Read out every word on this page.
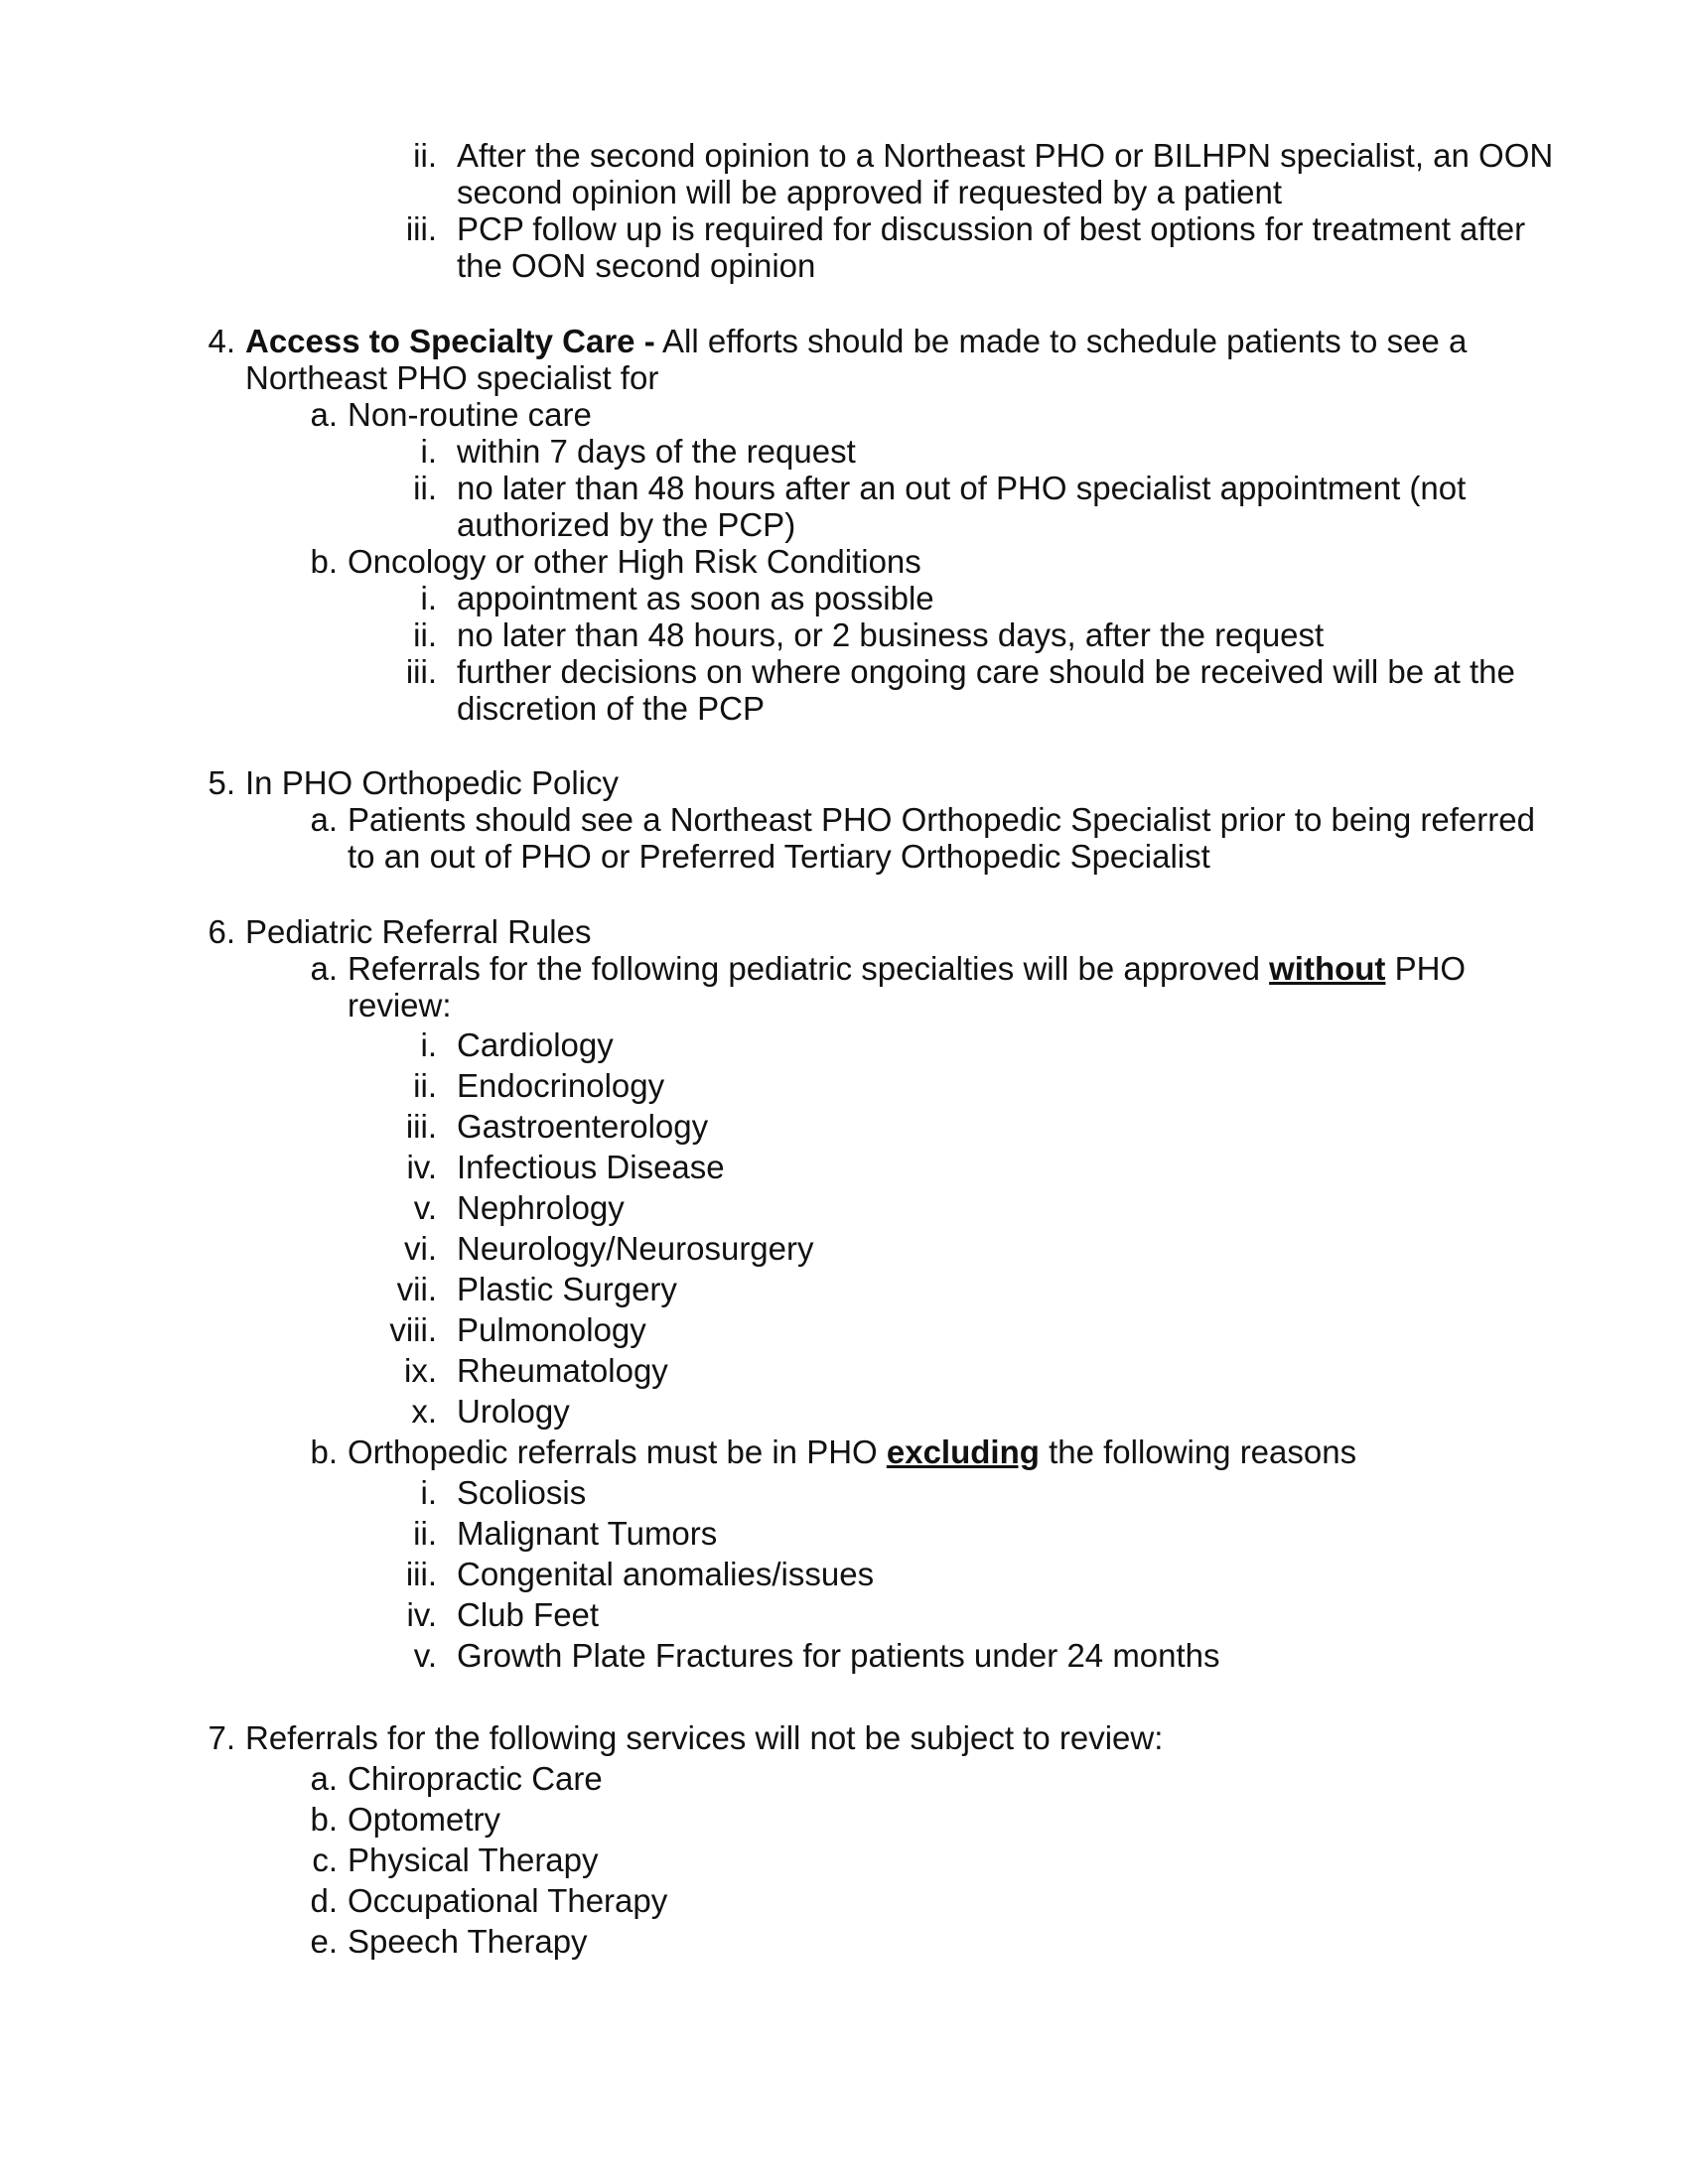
ii. After the second opinion to a Northeast PHO or BILHPN specialist, an OON second opinion will be approved if requested by a patient
iii. PCP follow up is required for discussion of best options for treatment after the OON second opinion
4. Access to Specialty Care - All efforts should be made to schedule patients to see a Northeast PHO specialist for
a. Non-routine care
i. within 7 days of the request
ii. no later than 48 hours after an out of PHO specialist appointment (not authorized by the PCP)
b. Oncology or other High Risk Conditions
i. appointment as soon as possible
ii. no later than 48 hours, or 2 business days, after the request
iii. further decisions on where ongoing care should be received will be at the discretion of the PCP
5. In PHO Orthopedic Policy
a. Patients should see a Northeast PHO Orthopedic Specialist prior to being referred to an out of PHO or Preferred Tertiary Orthopedic Specialist
6. Pediatric Referral Rules
a. Referrals for the following pediatric specialties will be approved without PHO review:
i. Cardiology
ii. Endocrinology
iii. Gastroenterology
iv. Infectious Disease
v. Nephrology
vi. Neurology/Neurosurgery
vii. Plastic Surgery
viii. Pulmonology
ix. Rheumatology
x. Urology
b. Orthopedic referrals must be in PHO excluding the following reasons
i. Scoliosis
ii. Malignant Tumors
iii. Congenital anomalies/issues
iv. Club Feet
v. Growth Plate Fractures for patients under 24 months
7. Referrals for the following services will not be subject to review:
a. Chiropractic Care
b. Optometry
c. Physical Therapy
d. Occupational Therapy
e. Speech Therapy
